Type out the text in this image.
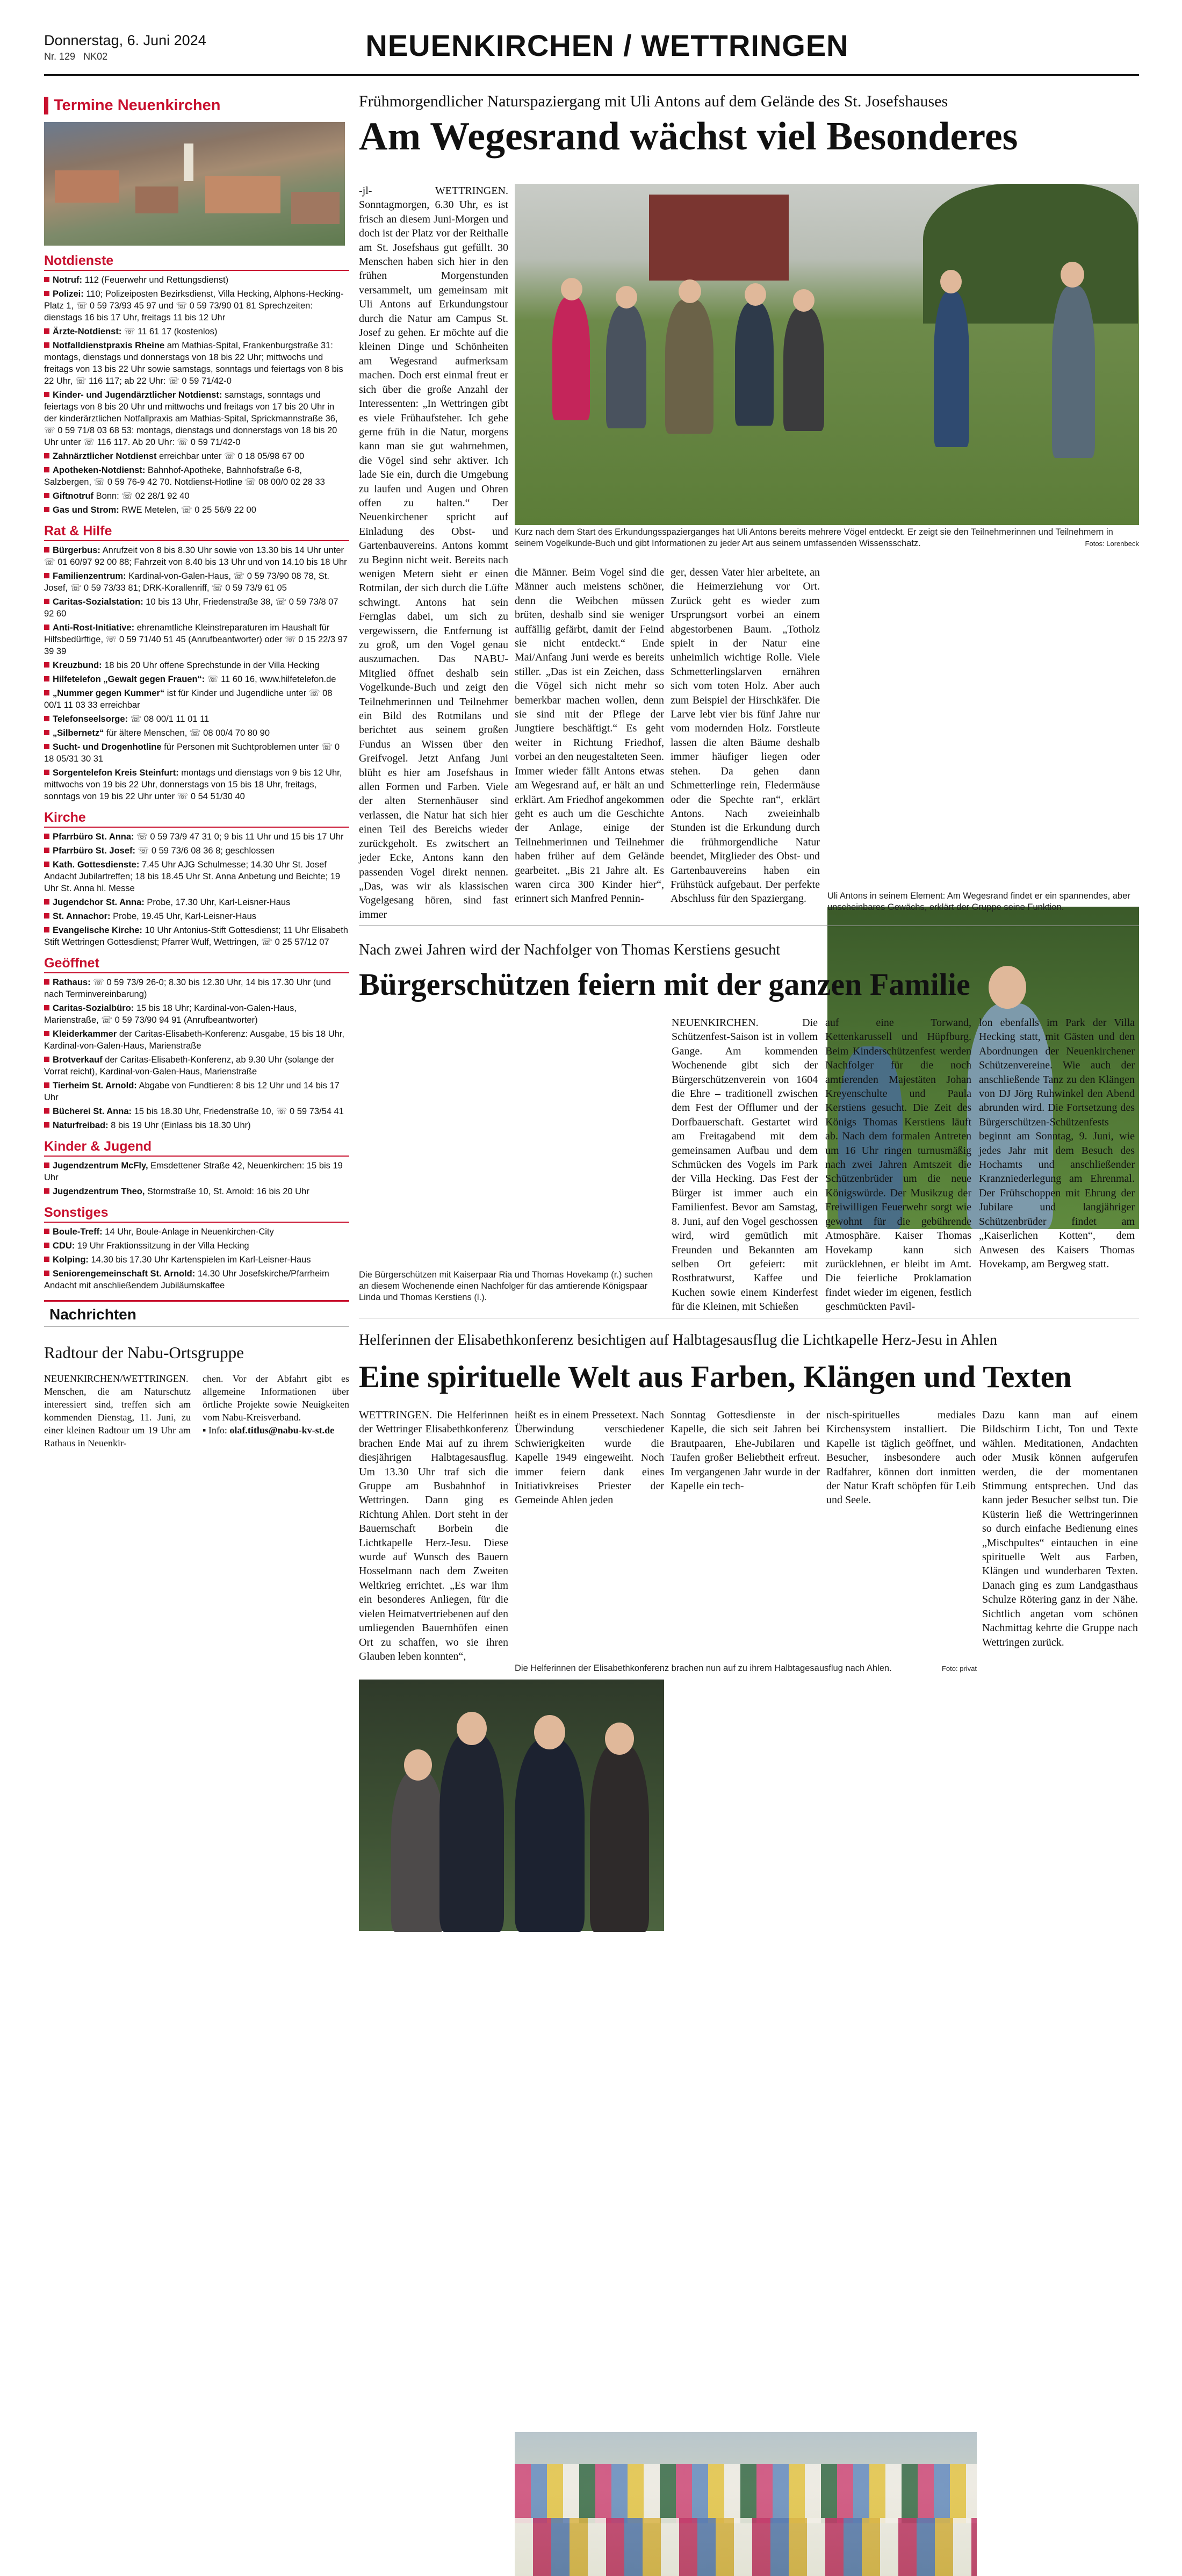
Donnerstag, 6. Juni 2024
Nr. 129 NK02	NEUENKIRCHEN / WETTRINGEN
Termine Neuenkirchen
Notdienste
Notruf: 112 (Feuerwehr und Rettungsdienst)
Polizei: 110; Polizeiposten Bezirksdienst, Villa Hecking, Alphons-Hecking-Platz 1, ☏ 0 59 73/93 45 97 und ☏ 0 59 73/90 01 81 Sprechzeiten: dienstags 16 bis 17 Uhr, freitags 11 bis 12 Uhr
Ärzte-Notdienst: ☏ 11 61 17 (kostenlos)
Notfalldienstpraxis Rheine am Mathias-Spital, Frankenburgstraße 31: montags, dienstags und donnerstags von 18 bis 22 Uhr; mittwochs und freitags von 13 bis 22 Uhr sowie samstags, sonntags und feiertags von 8 bis 22 Uhr, ☏ 116 117; ab 22 Uhr: ☏ 0 59 71/42-0
Kinder- und Jugendärztlicher Notdienst: samstags, sonntags und feiertags von 8 bis 20 Uhr und mittwochs und freitags von 17 bis 20 Uhr in der kinderärztlichen Notfallpraxis am Mathias-Spital, Sprickmannstraße 36, ☏ 0 59 71/8 03 68 53: montags, dienstags und donnerstags von 18 bis 20 Uhr unter ☏ 116 117. Ab 20 Uhr: ☏ 0 59 71/42-0
Zahnärztlicher Notdienst erreichbar unter ☏ 0 18 05/98 67 00
Apotheken-Notdienst: Bahnhof-Apotheke, Bahnhofstraße 6-8, Salzbergen, ☏ 0 59 76-9 42 70. Notdienst-Hotline ☏ 08 00/0 02 28 33
Giftnotruf Bonn: ☏ 02 28/1 92 40
Gas und Strom: RWE Metelen, ☏ 0 25 56/9 22 00
Rat & Hilfe
Bürgerbus: Anrufzeit von 8 bis 8.30 Uhr sowie von 13.30 bis 14 Uhr unter ☏ 01 60/97 92 00 88; Fahrzeit von 8.40 bis 13 Uhr und von 14.10 bis 18 Uhr
Familienzentrum: Kardinal-von-Galen-Haus, ☏ 0 59 73/90 08 78, St. Josef, ☏ 0 59 73/33 81; DRK-Korallenriff, ☏ 0 59 73/9 61 05
Caritas-Sozialstation: 10 bis 13 Uhr, Friedenstraße 38, ☏ 0 59 73/8 07 92 60
Anti-Rost-Initiative: ehrenamtliche Kleinstreparaturen im Haushalt für Hilfsbedürftige, ☏ 0 59 71/40 51 45 (Anrufbeantworter) oder ☏ 0 15 22/3 97 39 39
Kreuzbund: 18 bis 20 Uhr offene Sprechstunde in der Villa Hecking
Hilfetelefon „Gewalt gegen Frauen“: ☏ 11 60 16, www.hilfetelefon.de
„Nummer gegen Kummer“ ist für Kinder und Jugendliche unter ☏ 08 00/1 11 03 33 erreichbar
Telefonseelsorge: ☏ 08 00/1 11 01 11
„Silbernetz“ für ältere Menschen, ☏ 08 00/4 70 80 90
Sucht- und Drogenhotline für Personen mit Suchtproblemen unter ☏ 0 18 05/31 30 31
Sorgentelefon Kreis Steinfurt: montags und dienstags von 9 bis 12 Uhr, mittwochs von 19 bis 22 Uhr, donnerstags von 15 bis 18 Uhr, freitags, sonntags von 19 bis 22 Uhr unter ☏ 0 54 51/30 40
Kirche
Pfarrbüro St. Anna: ☏ 0 59 73/9 47 31 0; 9 bis 11 Uhr und 15 bis 17 Uhr
Pfarrbüro St. Josef: ☏ 0 59 73/6 08 36 8; geschlossen
Kath. Gottesdienste: 7.45 Uhr AJG Schulmesse; 14.30 Uhr St. Josef Andacht Jubilartreffen; 18 bis 18.45 Uhr St. Anna Anbetung und Beichte; 19 Uhr St. Anna hl. Messe
Jugendchor St. Anna: Probe, 17.30 Uhr, Karl-Leisner-Haus
St. Annachor: Probe, 19.45 Uhr, Karl-Leisner-Haus
Evangelische Kirche: 10 Uhr Antonius-Stift Gottesdienst; 11 Uhr Elisabeth Stift Wettringen Gottesdienst; Pfarrer Wulf, Wettringen, ☏ 0 25 57/12 07
Geöffnet
Rathaus: ☏ 0 59 73/9 26-0; 8.30 bis 12.30 Uhr, 14 bis 17.30 Uhr (und nach Terminvereinbarung)
Caritas-Sozialbüro: 15 bis 18 Uhr; Kardinal-von-Galen-Haus, Marienstraße, ☏ 0 59 73/90 94 91 (Anrufbeantworter)
Kleiderkammer der Caritas-Elisabeth-Konferenz: Ausgabe, 15 bis 18 Uhr, Kardinal-von-Galen-Haus, Marienstraße
Brotverkauf der Caritas-Elisabeth-Konferenz, ab 9.30 Uhr (solange der Vorrat reicht), Kardinal-von-Galen-Haus, Marienstraße
Tierheim St. Arnold: Abgabe von Fundtieren: 8 bis 12 Uhr und 14 bis 17 Uhr
Bücherei St. Anna: 15 bis 18.30 Uhr, Friedenstraße 10, ☏ 0 59 73/54 41
Naturfreibad: 8 bis 19 Uhr (Einlass bis 18.30 Uhr)
Kinder & Jugend
Jugendzentrum McFly, Emsdettener Straße 42, Neuenkirchen: 15 bis 19 Uhr
Jugendzentrum Theo, Stormstraße 10, St. Arnold: 16 bis 20 Uhr
Sonstiges
Boule-Treff: 14 Uhr, Boule-Anlage in Neuenkirchen-City
CDU: 19 Uhr Fraktionssitzung in der Villa Hecking
Kolping: 14.30 bis 17.30 Uhr Kartenspielen im Karl-Leisner-Haus
Seniorengemeinschaft St. Arnold: 14.30 Uhr Josefskirche/Pfarrheim Andacht mit anschließendem Jubiläumskaffee
Nachrichten
Radtour der Nabu-Ortsgruppe
NEUENKIRCHEN/WETTRINGEN. Menschen, die am Naturschutz interessiert sind, treffen sich am kommenden Dienstag, 11. Juni, zu einer kleinen Radtour um 19 Uhr am Rathaus in Neuenkir-
chen. Vor der Abfahrt gibt es allgemeine Informationen über örtliche Projekte sowie Neuigkeiten vom Nabu-Kreisverband.
▪ Info: olaf.titlus@nabu-kv-st.de
Frühmorgendlicher Naturspaziergang mit Uli Antons auf dem Gelände des St. Josefshauses
Am Wegesrand wächst viel Besonderes
-jl- WETTRINGEN. Sonntagmorgen, 6.30 Uhr, es ist frisch an diesem Juni-Morgen und doch ist der Platz vor der Reithalle am St. Josefshaus gut gefüllt. 30 Menschen haben sich hier in den frühen Morgenstunden versammelt, um gemeinsam mit Uli Antons auf Erkundungstour durch die Natur am Campus St. Josef zu gehen. Er möchte auf die kleinen Dinge und Schönheiten am Wegesrand aufmerksam machen. Doch erst einmal freut er sich über die große Anzahl der Interessenten: „In Wettringen gibt es viele Frühaufsteher. Ich gehe gerne früh in die Natur, morgens kann man sie gut wahrnehmen, die Vögel sind sehr aktiver. Ich lade Sie ein, durch die Umgebung zu laufen und Augen und Ohren offen zu halten.“ Der Neuenkirchener spricht auf Einladung des Obst- und Gartenbauvereins. Antons kommt zu Beginn nicht weit. Bereits nach wenigen Metern sieht er einen Rotmilan, der sich durch die Lüfte schwingt. Antons hat sein Fernglas dabei, um sich zu vergewissern, die Entfernung ist zu groß, um den Vogel genau auszumachen. Das NABU-Mitglied öffnet deshalb sein Vogelkunde-Buch und zeigt den Teilnehmerinnen und Teilnehmer ein Bild des Rotmilans und berichtet aus seinem großen Fundus an Wissen über den Greifvogel. Jetzt Anfang Juni blüht es hier am Josefshaus in allen Formen und Farben. Viele der alten Sternenhäuser sind verlassen, die Natur hat sich hier einen Teil des Bereichs wieder zurückgeholt. Es zwitschert an jeder Ecke, Antons kann den passenden Vogel direkt nennen. „Das, was wir als klassischen Vogelgesang hören, sind fast immer
Kurz nach dem Start des Erkundungsspazierganges hat Uli Antons bereits mehrere Vögel entdeckt. Er zeigt sie den Teilnehmerinnen und Teilnehmern in seinem Vogelkunde-Buch und gibt Informationen zu jeder Art aus seinem umfassenden Wissensschatz.	Fotos: Lorenbeck
die Männer. Beim Vogel sind die Männer auch meistens schöner, denn die Weibchen müssen brüten, deshalb sind sie weniger auffällig gefärbt, damit der Feind sie nicht entdeckt.“ Ende Mai/Anfang Juni werde es bereits stiller. „Das ist ein Zeichen, dass die Vögel sich nicht mehr so bemerkbar machen wollen, denn sie sind mit der Pflege der Jungtiere beschäftigt.“ Es geht weiter in Richtung Friedhof, vorbei an den neugestalteten Seen. Immer wieder fällt Antons etwas am Wegesrand auf, er hält an und erklärt. Am Friedhof angekommen geht es auch um die Geschichte der Anlage, einige der Teilnehmerinnen und Teilnehmer haben früher auf dem Gelände gearbeitet. „Bis 21 Jahre alt. Es waren circa 300 Kinder hier“, erinnert sich Manfred Pennin-
ger, dessen Vater hier arbeitete, an die Heimerziehung vor Ort. Zurück geht es wieder zum Ursprungsort vorbei an einem abgestorbenen Baum. „Totholz spielt in der Natur eine unheimlich wichtige Rolle. Viele Schmetterlingslarven ernähren sich vom toten Holz. Aber auch zum Beispiel der Hirschkäfer. Die Larve lebt vier bis fünf Jahre nur vom modernden Holz. Forstleute lassen die alten Bäume deshalb immer häufiger liegen oder stehen. Da gehen dann Schmetterlinge rein, Fledermäuse oder die Spechte ran“, erklärt Antons. Nach zweieinhalb Stunden ist die Erkundung durch die frühmorgendliche Natur beendet, Mitglieder des Obst- und Gartenbauvereins haben ein Frühstück aufgebaut. Der perfekte Abschluss für den Spaziergang.	Uli Antons in seinem Element: Am Wegesrand findet er ein spannendes, aber unscheinbares Gewächs, erklärt der Gruppe seine Funktion.
Nach zwei Jahren wird der Nachfolger von Thomas Kerstiens gesucht
Bürgerschützen feiern mit der ganzen Familie
Die Bürgerschützen mit Kaiserpaar Ria und Thomas Hovekamp (r.) suchen an diesem Wochenende einen Nachfolger für das amtierende Königspaar Linda und Thomas Kerstiens (l.).
NEUENKIRCHEN. Die Schützenfest-Saison ist in vollem Gange. Am kommenden Wochenende gibt sich der Bürgerschützenverein von 1604 die Ehre – traditionell zwischen dem Fest der Offlumer und der Dorfbauerschaft. Gestartet wird am Freitagabend mit dem gemeinsamen Aufbau und dem Schmücken des Vogels im Park der Villa Hecking. Das Fest der Bürger ist immer auch ein Familienfest. Bevor am Samstag, 8. Juni, auf den Vogel geschossen wird, wird gemütlich mit Freunden und Bekannten am selben Ort gefeiert: mit Rostbratwurst, Kaffee und Kuchen sowie einem Kinderfest für die Kleinen, mit Schießen
auf eine Torwand, Kettenkarussell und Hüpfburg. Beim Kinderschützenfest werden Nachfolger für die noch amtierenden Majestäten Johan Kreyenschulte und Paula Kerstiens gesucht. Die Zeit des Königs Thomas Kerstiens läuft ab. Nach dem formalen Antreten um 16 Uhr ringen turnusmäßig nach zwei Jahren Amtszeit die Schützenbrüder um die neue Königswürde. Der Musikzug der Freiwilligen Feuerwehr sorgt wie gewohnt für die gebührende Atmosphäre. Kaiser Thomas Hovekamp kann sich zurücklehnen, er bleibt im Amt. Die feierliche Proklamation findet wieder im eigenen, festlich geschmückten Pavil-
lon ebenfalls im Park der Villa Hecking statt, mit Gästen und den Abordnungen der Neuenkirchener Schützenvereine. Wie auch der anschließende Tanz zu den Klängen von DJ Jörg Ruhwinkel den Abend abrunden wird. Die Fortsetzung des Bürgerschützen-Schützenfests beginnt am Sonntag, 9. Juni, wie jedes Jahr mit dem Besuch des Hochamts und anschließender Kranzniederlegung am Ehrenmal. Der Frühschoppen mit Ehrung der Jubilare und langjähriger Schützenbrüder findet am „Kaiserlichen Kotten“, dem Anwesen des Kaisers Thomas Hovekamp, am Bergweg statt.
Helferinnen der Elisabethkonferenz besichtigen auf Halbtagesausflug die Lichtkapelle Herz-Jesu in Ahlen
Eine spirituelle Welt aus Farben, Klängen und Texten
WETTRINGEN. Die Helferinnen der Wettringer Elisabethkonferenz brachen Ende Mai auf zu ihrem diesjährigen Halbtagesausflug. Um 13.30 Uhr traf sich die Gruppe am Busbahnhof in Wettringen. Dann ging es Richtung Ahlen. Dort steht in der Bauernschaft Borbein die Lichtkapelle Herz-Jesu. Diese wurde auf Wunsch des Bauern Hosselmann nach dem Zweiten Weltkrieg errichtet. „Es war ihm ein besonderes Anliegen, für die vielen Heimatvertriebenen auf den umliegenden Bauernhöfen einen Ort zu schaffen, wo sie ihren Glauben leben konnten“,
heißt es in einem Pressetext. Nach Überwindung verschiedener Schwierigkeiten wurde die Kapelle 1949 eingeweiht. Noch immer feiern dank eines Initiativkreises Priester der Gemeinde Ahlen jeden
Sonntag Gottesdienste in der Kapelle, die sich seit Jahren bei Brautpaaren, Ehe-Jubilaren und Taufen großer Beliebtheit erfreut. Im vergangenen Jahr wurde in der Kapelle ein tech-
nisch-spirituelles mediales Kirchensystem installiert. Die Kapelle ist täglich geöffnet, und Besucher, insbesondere auch Radfahrer, können dort inmitten der Natur Kraft schöpfen für Leib und Seele.
Dazu kann man auf einem Bildschirm Licht, Ton und Texte wählen. Meditationen, Andachten oder Musik können aufgerufen werden, die der momentanen Stimmung entsprechen. Und das kann jeder Besucher selbst tun. Die Küsterin ließ die Wettringerinnen so durch einfache Bedienung eines „Mischpultes“ eintauchen in eine spirituelle Welt aus Farben, Klängen und wunderbaren Texten. Danach ging es zum Landgasthaus Schulze Rötering ganz in der Nähe. Sichtlich angetan vom schönen Nachmittag kehrte die Gruppe nach Wettringen zurück.
Die Helferinnen der Elisabethkonferenz brachen nun auf zu ihrem Halbtagesausflug nach Ahlen.	Foto: privat
